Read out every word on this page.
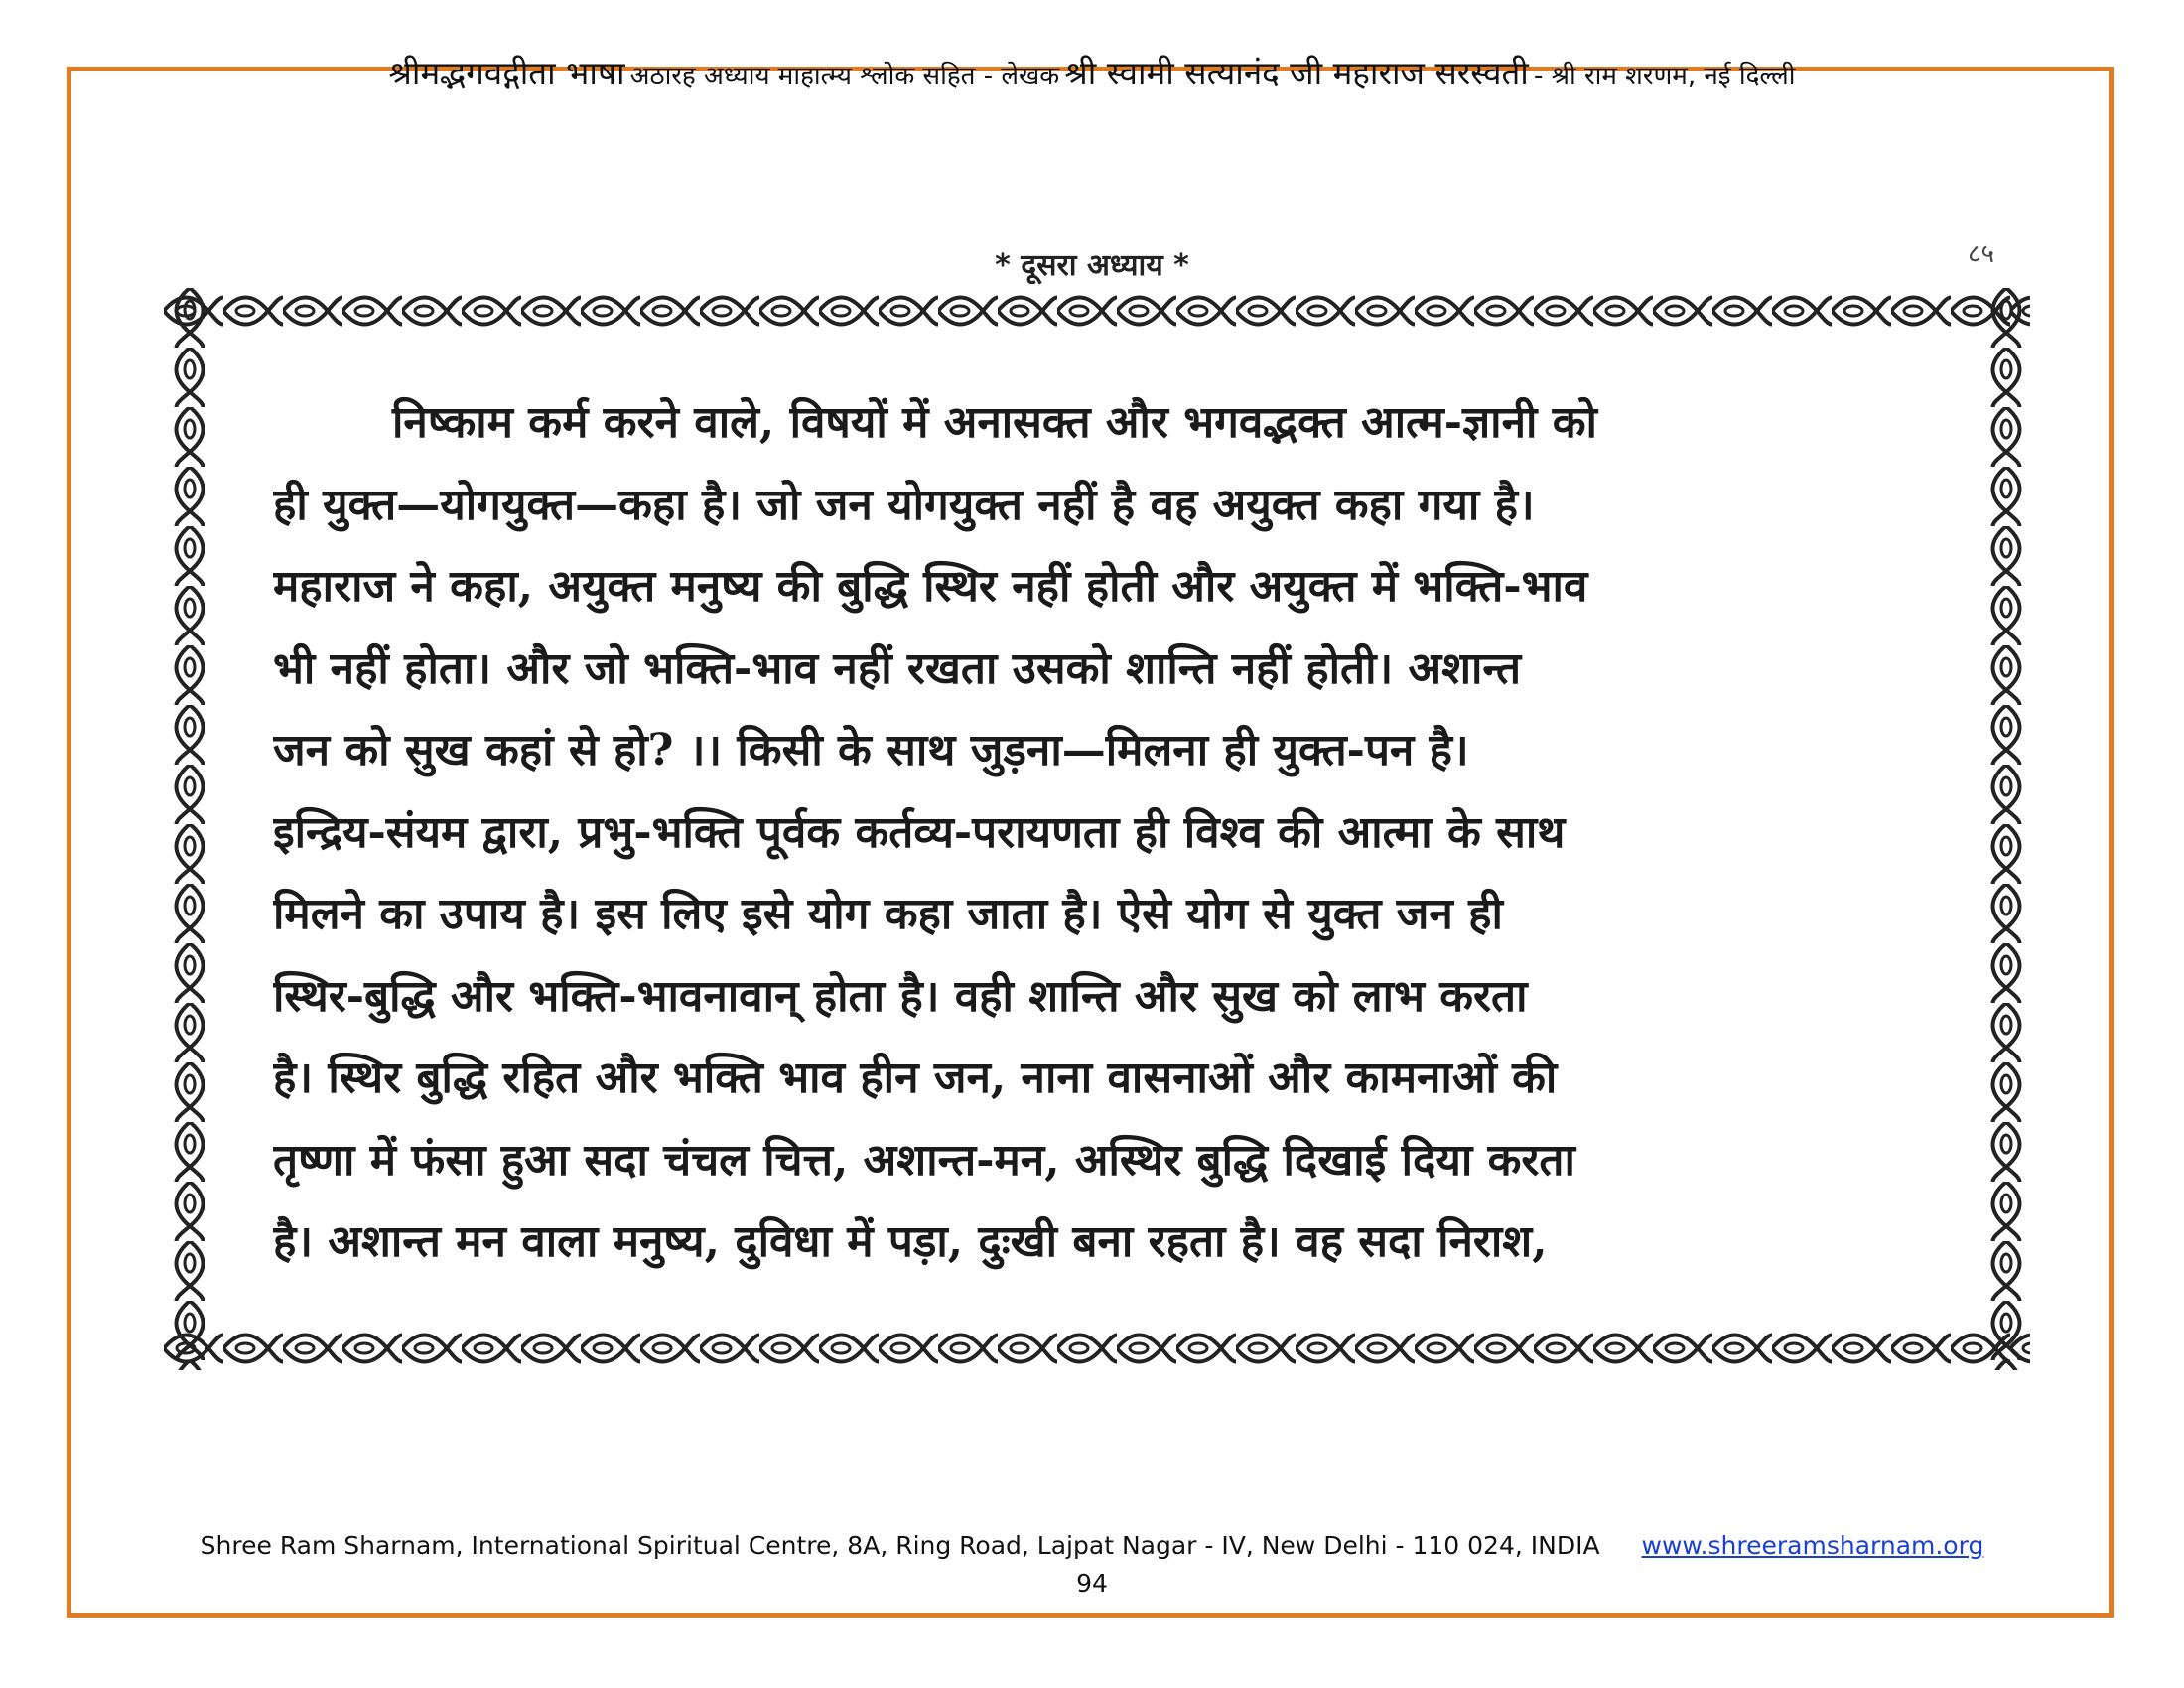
श्रीमद्भगवद्गीता भाषा अठारह अध्याय माहात्म्य श्लोक सहित - लेखक श्री स्वामी सत्यानंद जी महाराज सरस्वती - श्री राम शरणम, नई दिल्ली
* दूसरा अध्याय *	८५
निष्काम कर्म करने वाले, विषयों में अनासक्त और भगवद्भक्त आत्म-ज्ञानी को
ही युक्त—योगयुक्त—कहा है। जो जन योगयुक्त नहीं है वह अयुक्त कहा गया है।
महाराज ने कहा, अयुक्त मनुष्य की बुद्धि स्थिर नहीं होती और अयुक्त में भक्ति-भाव
भी नहीं होता। और जो भक्ति-भाव नहीं रखता उसको शान्ति नहीं होती। अशान्त
जन को सुख कहां से हो? ।। किसी के साथ जुड़ना—मिलना ही युक्त-पन है।
इन्द्रिय-संयम द्वारा, प्रभु-भक्ति पूर्वक कर्तव्य-परायणता ही विश्व की आत्मा के साथ
मिलने का उपाय है। इस लिए इसे योग कहा जाता है। ऐसे योग से युक्त जन ही
स्थिर-बुद्धि और भक्ति-भावनावान् होता है। वही शान्ति और सुख को लाभ करता
है। स्थिर बुद्धि रहित और भक्ति भाव हीन जन, नाना वासनाओं और कामनाओं की
तृष्णा में फंसा हुआ सदा चंचल चित्त, अशान्त-मन, अस्थिर बुद्धि दिखाई दिया करता
है। अशान्त मन वाला मनुष्य, दुविधा में पड़ा, दुःखी बना रहता है। वह सदा निराश,
Shree Ram Sharnam, International Spiritual Centre, 8A, Ring Road, Lajpat Nagar - IV, New Delhi - 110 024, INDIA www.shreeramsharnam.org
94
